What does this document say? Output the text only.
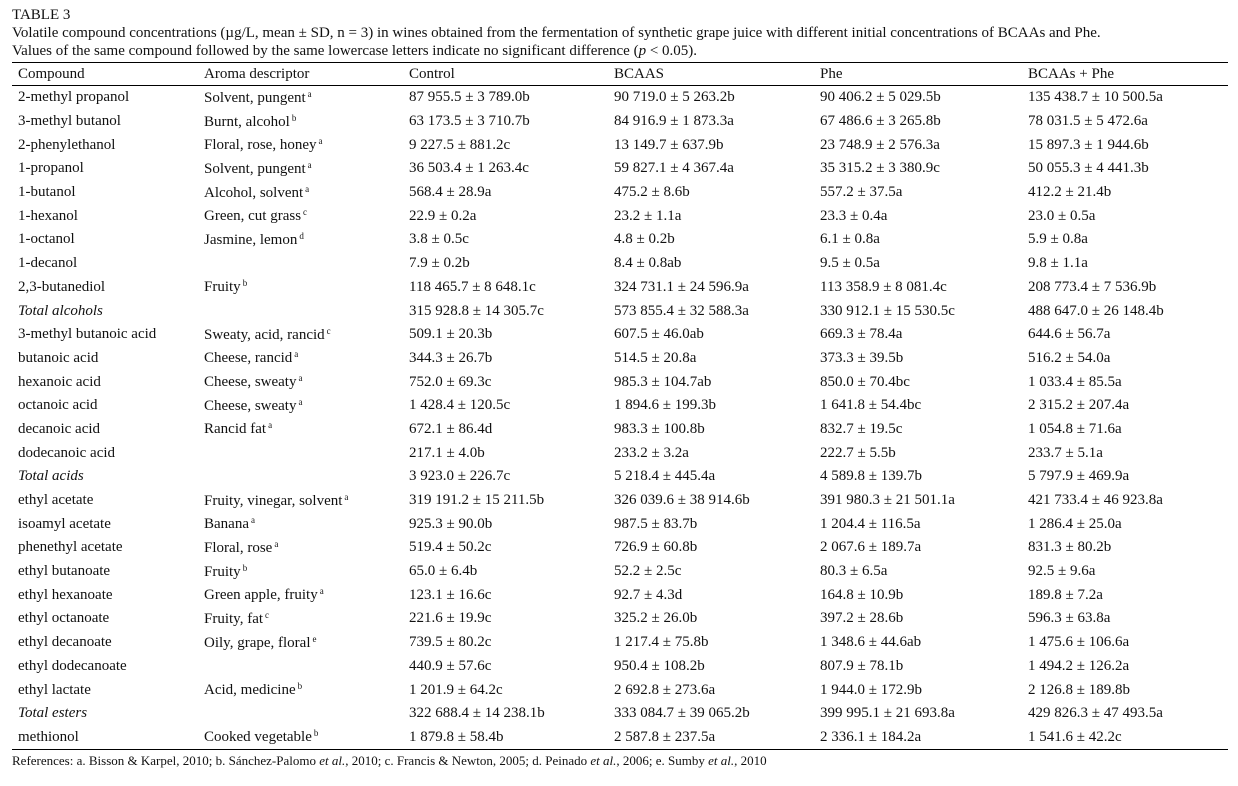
TABLE 3
Volatile compound concentrations (µg/L, mean ± SD, n = 3) in wines obtained from the fermentation of synthetic grape juice with different initial concentrations of BCAAs and Phe.
Values of the same compound followed by the same lowercase letters indicate no significant difference (p < 0.05).
Compound	Aroma descriptor	Control	BCAAS	Phe	BCAAs + Phe
2-methyl propanol	Solvent, pungent $^a$	87 955.5 ± 3 789.0b	90 719.0 ± 5 263.2b	90 406.2 ± 5 029.5b	135 438.7 ± 10 500.5a
3-methyl butanol	Burnt, alcohol $^b$	63 173.5 ± 3 710.7b	84 916.9 ± 1 873.3a	67 486.6 ± 3 265.8b	78 031.5 ± 5 472.6a
2-phenylethanol	Floral, rose, honey $^a$	9 227.5 ± 881.2c	13 149.7 ± 637.9b	23 748.9 ± 2 576.3a	15 897.3 ± 1 944.6b
1-propanol	Solvent, pungent $^a$	36 503.4 ± 1 263.4c	59 827.1 ± 4 367.4a	35 315.2 ± 3 380.9c	50 055.3 ± 4 441.3b
1-butanol	Alcohol, solvent $^a$	568.4 ± 28.9a	475.2 ± 8.6b	557.2 ± 37.5a	412.2 ± 21.4b
1-hexanol	Green, cut grass $^c$	22.9 ± 0.2a	23.2 ± 1.1a	23.3 ± 0.4a	23.0 ± 0.5a
1-octanol	Jasmine, lemon $^d$	3.8 ± 0.5c	4.8 ± 0.2b	6.1 ± 0.8a	5.9 ± 0.8a
1-decanol		7.9 ± 0.2b	8.4 ± 0.8ab	9.5 ± 0.5a	9.8 ± 1.1a
2,3-butanediol	Fruity $^b$	118 465.7 ± 8 648.1c	324 731.1 ± 24 596.9a	113 358.9 ± 8 081.4c	208 773.4 ± 7 536.9b
Total alcohols		315 928.8 ± 14 305.7c	573 855.4 ± 32 588.3a	330 912.1 ± 15 530.5c	488 647.0 ± 26 148.4b
3-methyl butanoic acid	Sweaty, acid, rancid $^c$	509.1 ± 20.3b	607.5 ± 46.0ab	669.3 ± 78.4a	644.6 ± 56.7a
butanoic acid	Cheese, rancid $^a$	344.3 ± 26.7b	514.5 ± 20.8a	373.3 ± 39.5b	516.2 ± 54.0a
hexanoic acid	Cheese, sweaty $^a$	752.0 ± 69.3c	985.3 ± 104.7ab	850.0 ± 70.4bc	1 033.4 ± 85.5a
octanoic acid	Cheese, sweaty $^a$	1 428.4 ± 120.5c	1 894.6 ± 199.3b	1 641.8 ± 54.4bc	2 315.2 ± 207.4a
decanoic acid	Rancid fat $^a$	672.1 ± 86.4d	983.3 ± 100.8b	832.7 ± 19.5c	1 054.8 ± 71.6a
dodecanoic acid		217.1 ± 4.0b	233.2 ± 3.2a	222.7 ± 5.5b	233.7 ± 5.1a
Total acids		3 923.0 ± 226.7c	5 218.4 ± 445.4a	4 589.8 ± 139.7b	5 797.9 ± 469.9a
ethyl acetate	Fruity, vinegar, solvent $^a$	319 191.2 ± 15 211.5b	326 039.6 ± 38 914.6b	391 980.3 ± 21 501.1a	421 733.4 ± 46 923.8a
isoamyl acetate	Banana $^a$	925.3 ± 90.0b	987.5 ± 83.7b	1 204.4 ± 116.5a	1 286.4 ± 25.0a
phenethyl acetate	Floral, rose $^a$	519.4 ± 50.2c	726.9 ± 60.8b	2 067.6 ± 189.7a	831.3 ± 80.2b
ethyl butanoate	Fruity $^b$	65.0 ± 6.4b	52.2 ± 2.5c	80.3 ± 6.5a	92.5 ± 9.6a
ethyl hexanoate	Green apple, fruity $^a$	123.1 ± 16.6c	92.7 ± 4.3d	164.8 ± 10.9b	189.8 ± 7.2a
ethyl octanoate	Fruity, fat $^c$	221.6 ± 19.9c	325.2 ± 26.0b	397.2 ± 28.6b	596.3 ± 63.8a
ethyl decanoate	Oily, grape, floral $^e$	739.5 ± 80.2c	1 217.4 ± 75.8b	1 348.6 ± 44.6ab	1 475.6 ± 106.6a
ethyl dodecanoate		440.9 ± 57.6c	950.4 ± 108.2b	807.9 ± 78.1b	1 494.2 ± 126.2a
ethyl lactate	Acid, medicine $^b$	1 201.9 ± 64.2c	2 692.8 ± 273.6a	1 944.0 ± 172.9b	2 126.8 ± 189.8b
Total esters		322 688.4 ± 14 238.1b	333 084.7 ± 39 065.2b	399 995.1 ± 21 693.8a	429 826.3 ± 47 493.5a
methionol	Cooked vegetable $^b$	1 879.8 ± 58.4b	2 587.8 ± 237.5a	2 336.1 ± 184.2a	1 541.6 ± 42.2c
References: a. Bisson & Karpel, 2010; b. Sánchez-Palomo et al., 2010; c. Francis & Newton, 2005; d. Peinado et al., 2006; e. Sumby et al., 2010
